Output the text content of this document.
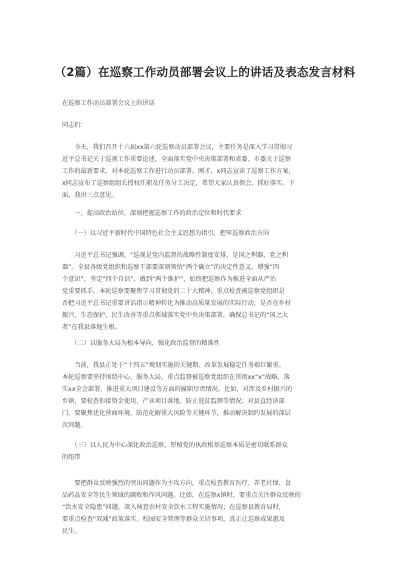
（2篇）在巡察工作动员部署会议上的讲话及表态发言材料
在巡察工作动员部署会议上的讲话
同志们：
　　今天，我们召开十六届xx第六轮巡察动员部署会议，主要任务是深入学习贯彻习
近平总书记关于巡视工作重要论述，全面落实党中央决策部署和省委、市委关于巡察
工作的最新要求，对本轮巡察工作进行动员部署。刚才，x同志宣读了巡察工作方案，
x同志宣布了巡察组组长授权任职及任务分工决定，希望大家认真领会、抓好落实。下
面，我讲三点意见。
　　一、提高政治站位，深刻把握巡察工作的政治定位和时代要求
　　（一）以习近平新时代中国特色社会主义思想为指引，把牢巡察政治方向
　　习近平总书记强调，“巡视是党内监督的战略性制度安排，是国之利器、党之利
器”。全县各级党组织和巡察干部要深刻领悟“两个确立”的决定性意义，增强“四
个意识”、坚定“四个自信”、做到“两个维护”，始终把巡察作为推进全面从严治
党重要抓手。本轮巡察要聚焦学习贯彻党的二十大精神，重点检查被巡察党组织是
否把习近平总书记重要讲话指示精神转化为推动高质量发展的实际行动，是否在乡村
振兴、生态保护、民生改善等重点领域落实党中央决策部署，确保总书记的“国之大
者”在我县落地生根。
　　（二）以服务大局为根本导向，强化政治监督的精准性
　　当前，我县正处于“十四五”规划实施的关键期、改革发展稳定任务艰巨繁重。
本轮巡察要坚持围绕中心、服务大局，重点监督被巡察党组织在贯彻xx“x”战略、落
实xx全会部署、推进重大项目建设等方面的履职尽责情况。比如，对涉及乡村振兴的
乡镇，要检查衔接资金使用、产业项目落地、防止返贫监测等情况；对县直经济部
门，要聚焦优化营商环境、防范化解重大风险等关键环节，推动解决制约发展的深层
次问题。
　　（三）以人民为中心深化政治巡察，厚植党的执政根基巡察本质是密切联系群众
的纽带
　　要把群众反映强烈的突出问题作为主攻方向，重点检查教育医疗、养老社保、食
品药品安全等民生领域的腐败和作风问题。比如，在巡察x镇时，要重点关注群众反映的
“饮水安全隐患”问题，深入核查农村安全饮水工程实施情况；在巡察县教育局时，
要重点检查“双减”政策落实、校园安全管理等群众关切事项，真正让巡察成果惠及
民生。
